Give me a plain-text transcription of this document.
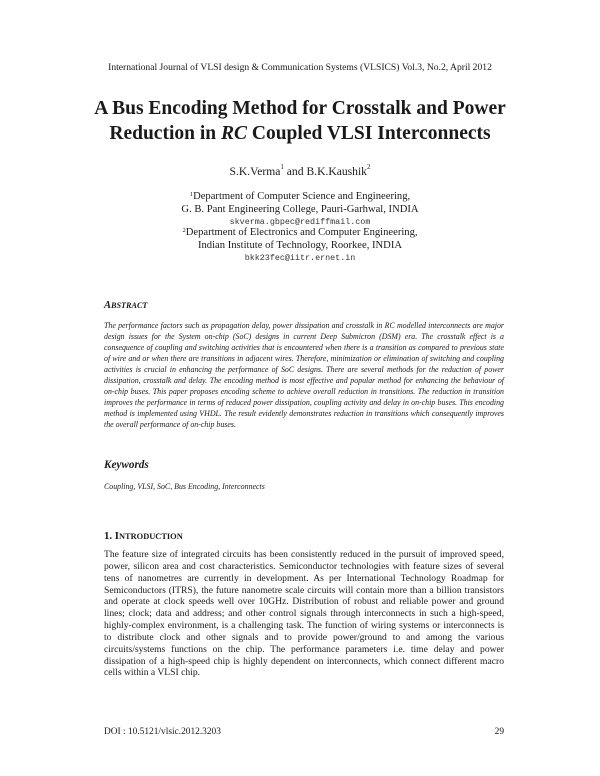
International Journal of VLSI design & Communication Systems (VLSICS) Vol.3, No.2, April 2012
A Bus Encoding Method for Crosstalk and Power
Reduction in RC Coupled VLSI Interconnects
S.K.Verma$^1$ and B.K.Kaushik$^2$
$^1$Department of Computer Science and Engineering,
G. B. Pant Engineering College, Pauri-Garhwal, INDIA
skverma.gbpec@rediffmail.com
$^2$Department of Electronics and Computer Engineering,
Indian Institute of Technology, Roorkee, INDIA
bkk23fec@iitr.ernet.in
ABSTRACT
The performance factors such as propagation delay, power dissipation and crosstalk in RC modelled interconnects are major design issues for the System on-chip (SoC) designs in current Deep Submicron (DSM) era. The crosstalk effect is a consequence of coupling and switching activities that is encountered when there is a transition as compared to previous state of wire and or when there are transitions in adjacent wires. Therefore, minimization or elimination of switching and coupling activities is crucial in enhancing the performance of SoC designs. There are several methods for the reduction of power dissipation, crosstalk and delay. The encoding method is most effective and popular method for enhancing the behaviour of on-chip buses. This paper proposes encoding scheme to achieve overall reduction in transitions. The reduction in transition improves the performance in terms of reduced power dissipation, coupling activity and delay in on-chip buses. This encoding method is implemented using VHDL. The result evidently demonstrates reduction in transitions which consequently improves the overall performance of on-chip buses.
Keywords
Coupling, VLSI, SoC, Bus Encoding, Interconnects
1. INTRODUCTION
The feature size of integrated circuits has been consistently reduced in the pursuit of improved speed, power, silicon area and cost characteristics. Semiconductor technologies with feature sizes of several tens of nanometres are currently in development. As per International Technology Roadmap for Semiconductors (ITRS), the future nanometre scale circuits will contain more than a billion transistors and operate at clock speeds well over 10GHz. Distribution of robust and reliable power and ground lines; clock; data and address; and other control signals through interconnects in such a high-speed, highly-complex environment, is a challenging task. The function of wiring systems or interconnects is to distribute clock and other signals and to provide power/ground to and among the various circuits/systems functions on the chip. The performance parameters i.e. time delay and power dissipation of a high-speed chip is highly dependent on interconnects, which connect different macro cells within a VLSI chip.
DOI : 10.5121/vlsic.2012.3203	29
